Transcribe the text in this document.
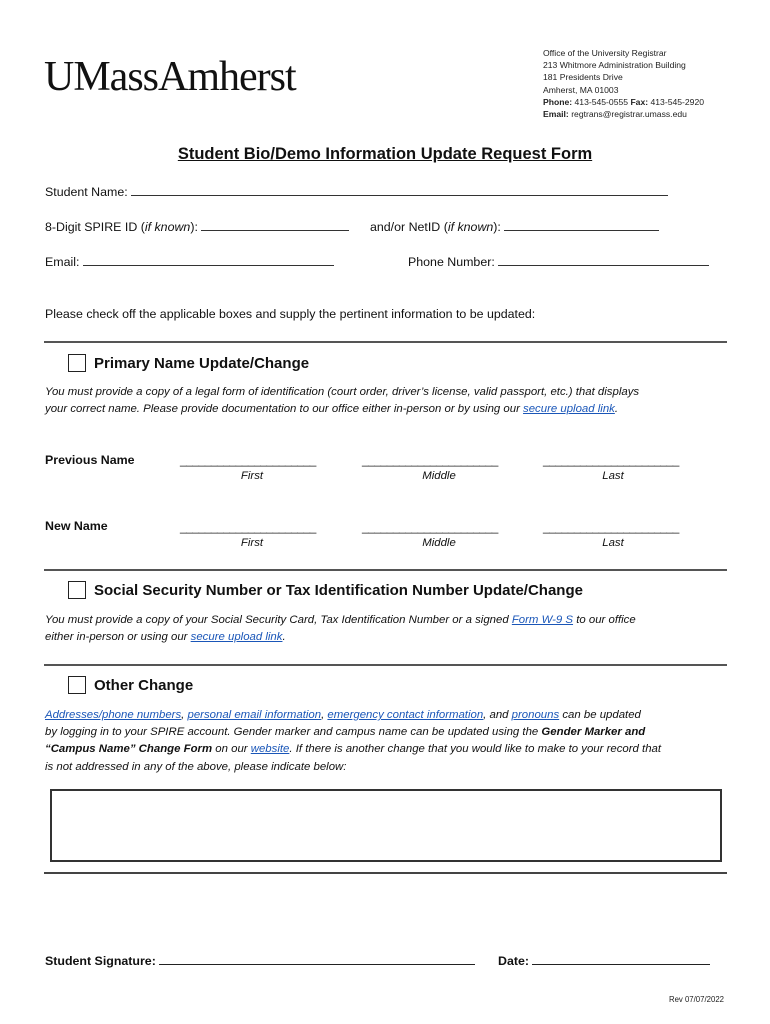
UMassAmherst
Office of the University Registrar
213 Whitmore Administration Building
181 Presidents Drive
Amherst, MA 01003
Phone: 413-545-0555 Fax: 413-545-2920
Email: regtrans@registrar.umass.edu
Student Bio/Demo Information Update Request Form
Student Name:
8-Digit SPIRE ID (if known):	and/or NetID (if known):
Email:	Phone Number:
Please check off the applicable boxes and supply the pertinent information to be updated:
Primary Name Update/Change
You must provide a copy of a legal form of identification (court order, driver’s license, valid passport, etc.) that displays
your correct name. Please provide documentation to our office either in-person or by using our secure upload link.
Previous Name	______________________	______________________	______________________
First	Middle	Last
New Name	______________________	______________________	______________________
First	Middle	Last
Social Security Number or Tax Identification Number Update/Change
You must provide a copy of your Social Security Card, Tax Identification Number or a signed Form W-9 S to our office
either in-person or using our secure upload link.
Other Change
Addresses/phone numbers, personal email information, emergency contact information, and pronouns can be updated
by logging in to your SPIRE account. Gender marker and campus name can be updated using the Gender Marker and
“Campus Name” Change Form on our website. If there is another change that you would like to make to your record that
is not addressed in any of the above, please indicate below:
Student Signature:	Date:
Rev 07/07/2022
